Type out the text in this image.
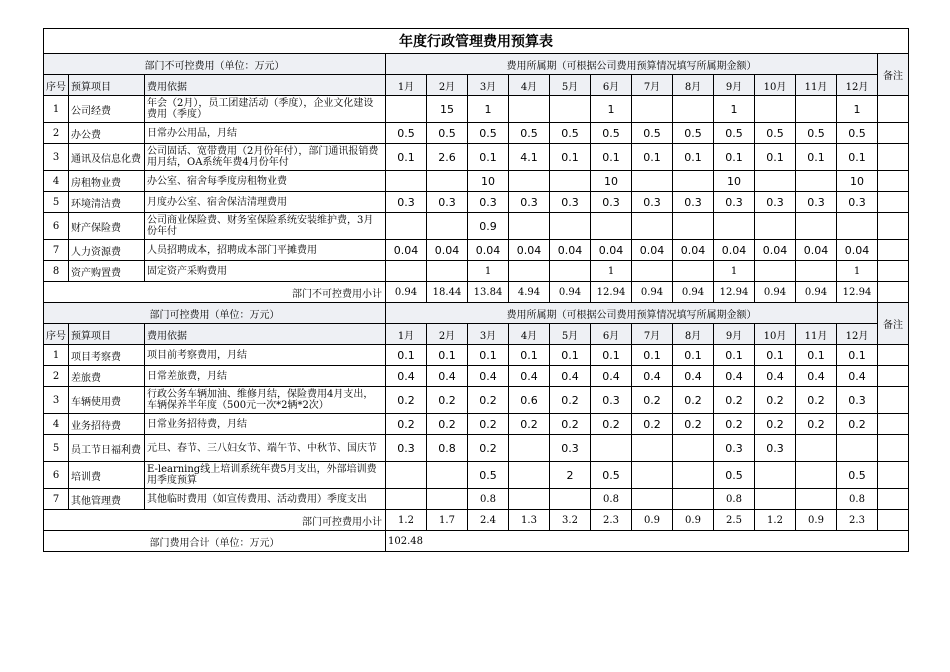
年度行政管理费用预算表															
部门不可控费用（单位：万元）			费用所属期（可根据公司费用预算情况填写所属期金额）												备注
序号	预算项目	费用依据	1月	2月	3月	4月	5月	6月	7月	8月	9月	10月	11月	12月	
1	公司经费	年会（2月），员工团建活动（季度），企业文化建设费用（季度）		15	1			1			1			1	
2	办公费	日常办公用品，月结	0.5	0.5	0.5	0.5	0.5	0.5	0.5	0.5	0.5	0.5	0.5	0.5	
3	通讯及信息化费	公司固话、宽带费用（2月份年付），部门通讯报销费用月结，OA系统年费4月份年付	0.1	2.6	0.1	4.1	0.1	0.1	0.1	0.1	0.1	0.1	0.1	0.1	
4	房租物业费	办公室、宿舍每季度房租物业费			10			10			10			10	
5	环境清洁费	月度办公室、宿舍保洁清理费用	0.3	0.3	0.3	0.3	0.3	0.3	0.3	0.3	0.3	0.3	0.3	0.3	
6	财产保险费	公司商业保险费、财务室保险系统安装维护费，3月份年付			0.9										
7	人力资源费	人员招聘成本，招聘成本部门平摊费用	0.04	0.04	0.04	0.04	0.04	0.04	0.04	0.04	0.04	0.04	0.04	0.04	
8	资产购置费	固定资产采购费用			1			1			1			1	
部门不可控费用小计			0.94	18.44	13.84	4.94	0.94	12.94	0.94	0.94	12.94	0.94	0.94	12.94	
部门可控费用（单位：万元）			费用所属期（可根据公司费用预算情况填写所属期金额）												备注
序号	预算项目	费用依据	1月	2月	3月	4月	5月	6月	7月	8月	9月	10月	11月	12月	
1	项目考察费	项目前考察费用，月结	0.1	0.1	0.1	0.1	0.1	0.1	0.1	0.1	0.1	0.1	0.1	0.1	
2	差旅费	日常差旅费，月结	0.4	0.4	0.4	0.4	0.4	0.4	0.4	0.4	0.4	0.4	0.4	0.4	
3	车辆使用费	行政公务车辆加油、维修月结，保险费用4月支出，车辆保养半年度（500元一次*2辆*2次）	0.2	0.2	0.2	0.6	0.2	0.3	0.2	0.2	0.2	0.2	0.2	0.3	
4	业务招待费	日常业务招待费，月结	0.2	0.2	0.2	0.2	0.2	0.2	0.2	0.2	0.2	0.2	0.2	0.2	
5	员工节日福利费	元旦、春节、三八妇女节、端午节、中秋节、国庆节	0.3	0.8	0.2		0.3				0.3	0.3			
6	培训费	E-learning线上培训系统年费5月支出，外部培训费用季度预算			0.5		2	0.5			0.5			0.5	
7	其他管理费	其他临时费用（如宣传费用、活动费用）季度支出			0.8			0.8			0.8			0.8	
部门可控费用小计			1.2	1.7	2.4	1.3	3.2	2.3	0.9	0.9	2.5	1.2	0.9	2.3	
部门费用合计（单位：万元）			102.48												
